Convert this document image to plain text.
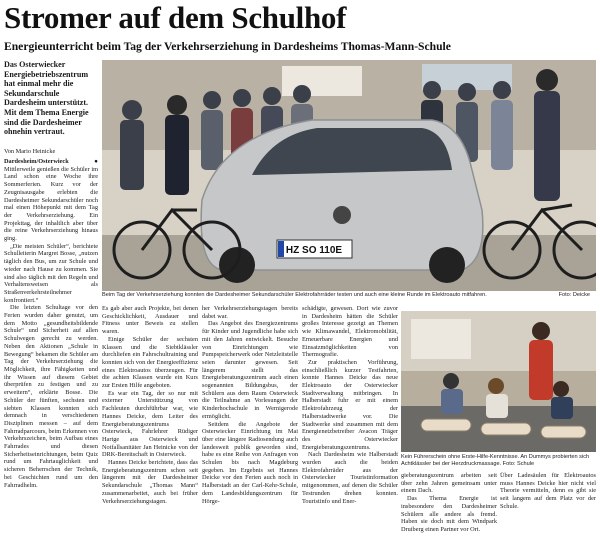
Stromer auf dem Schulhof
Energieunterricht beim Tag der Verkehrserziehung in Dardesheims Thomas-Mann-Schule
Das Osterwiecker Energiebetriebszentrum hat einmal mehr die Sekundarschule Dardesheim unterstützt. Mit dem Thema Energie sind die Dardesheimer ohnehin vertraut.
Von Mario Heinicke

Dardesheim/Osterwieck ● Mittlerweile genießen die Schüler im Land schon eine Woche ihre Sommerferien. Kurz vor der Zeugnisausgabe erlebten die Dardesheimer Sekundarschüler noch mal einen Höhepunkt mit dem Tag der Verkehrserziehung. Ein Projekttag, der inhaltlich aber über die reine Verkehrserziehung hinaus ging.

„Die meisten Schüler“, berichtete Schulleiterin Margret Bosse, „nutzen täglich den Bus, um zur Schule und wieder nach Hause zu kommen. Sie sind also täglich mit den Regeln und Verhaltensweisen als Straßenverkehrsteilnehmer konfrontiert.“

Die letzten Schultage vor den Ferien wurden daher genutzt, um dem Motto „gesundheitsbildende Schule“ und Sicherheit auf allen Schulwegen gerecht zu werden. Neben den Aktionen „Schule in Bewegung“ bekamen die Schüler am Tag der Verkehrserziehung die Möglichkeit, ihre Fähigkeiten und ihr Wissen auf diesem Gebiet überprüfen zu festigen und zu erweitern“, erklärte Bosse. Die Schüler der fünften, sechsten und siebten Klassen konnten sich demnach in verschiedenen Disziplinen messen – auf dem Fahrradparcours, beim Erkennen von Verkehrszeichen, beim Aufbau eines Fahrrades und diesen Sicherheitseinrichtungen, beim Quiz rund um Fahrtauglichkeit und sicheren Beherrschen der Technik, bei Geschichten rund um den Fahrradhelm.

Es gab aber auch Projekte, bei denen Geschicklichkeit, Ausdauer und Fitness unter Beweis zu stellen waren.

Einige Schüler der sechsten Klassen und die Siebtklässler durchliefen ein Fahrschultraining und konnten sich von der Energieeffizienz eines Elektroautos überzeugen. Für die achten Klassen wurde ein Kurs zur Ersten Hilfe angeboten.

Es war ein Tag, der so nur mit externer Unterstützung von Fachleuten durchführbar war, wie Hannes Deicke, dem Leiter des Energieberatungszentrums Osterwieck, Fahrlehrer Rüdiger Hartge aus Osterwieck und Notfallsanitäter Jan Heinicke von der DRK-Bereitschaft in Osterwieck.

Hannes Deicke berichtete, dass das Energieberatungszentrum schon seit längerem mit der Dardesheimer Sekundarschule „Thomas Mann“ zusammenarbeitet, auch bei früher Verkehrserziehungstagen.

her Verkehrserziehungstagen bereits dabei war.

Das Angebot des Energiezentrums für Kinder und Jugendliche habe sich mit den Jahren entwickelt. Besuche von Einrichtungen wie Pumpspeicherwerk oder Netzleitstelle seien darunter gewesen. Seit längerem stellt das Energieberatungszentrum auch einen sogenannten Bildungsbus, der Schülern aus dem Raum Osterwieck die Teilnahme an Vorlesungen der Kinderhochschule in Wernigerode ermöglicht.

Seitdem die Angebote der Osterwiecker Einrichtung im Mai über eine längere Radiosendung auch landesweit publik geworden sind, habe es eine Reihe von Anfragen von Schulen bis nach Magdeburg gegeben. Im Ergebnis sei Hannes Deicke vor den Ferien auch noch in Halberstadt an der Carl-Kehr-Schule, dem Landesbildungszentrum für Hörge-

schädigte, gewesen. Dort wie zuvor in Dardesheim hätten die Schüler großes Interesse gezeigt an Themen wie Klimawandel, Elektromobilität, Erneuerbare Energien und Einsatzmöglichkeiten von Thermografie.

Zur praktischen Vorführung, einschließlich kurzer Testfahrten, konnte Hannes Deicke das neue Elektroauto der Osterwiecker Stadtverwaltung mitbringen. In Halberstadt fuhr er mit einem Elektrofahrzeug der Halberstadtwerke vor. Die Stadtwerke sind zusammen mit dem Energienetzbetreiber Avacon Träger des Osterwiecker Energieberatungszentrums.

Nach Dardesheim wie Halberstadt wurden auch die beiden Elektrofahrräder aus der Osterwiecker Touristinformation mitgenommen, auf denen die Schüler Testrunden drehen konnten. Touristinfo und Ener-

gieberatungszentrum arbeiten seit über zehn Jahren gemeinsam unter einem Dach.

Das Thema Energie ist insbesondere den Dardesheimer Schülern alle andere als fremd. Haben sie doch mit dem Windpark Druiberg einen Partner vor Ort.

Über Ladesäulen für Elektroautos muss Hannes Deicke hier nicht viel Theorie vermitteln, denn es gibt sie seit langem auf dem Platz vor der Schule.

HZ SO 110E
Beim Tag der Verkehrserziehung konnten die Dardesheimer Sekundarschüler Elektrofahrräder testen und auch eine kleine Runde im Elektroauto mitfahren.	Foto: Deicke
Kein Führerschein ohne Erste-Hilfe-Kenntnisse. An Dummys probierten sich Achtklässler bei der Herzdruckmassage. Foto: Schule
